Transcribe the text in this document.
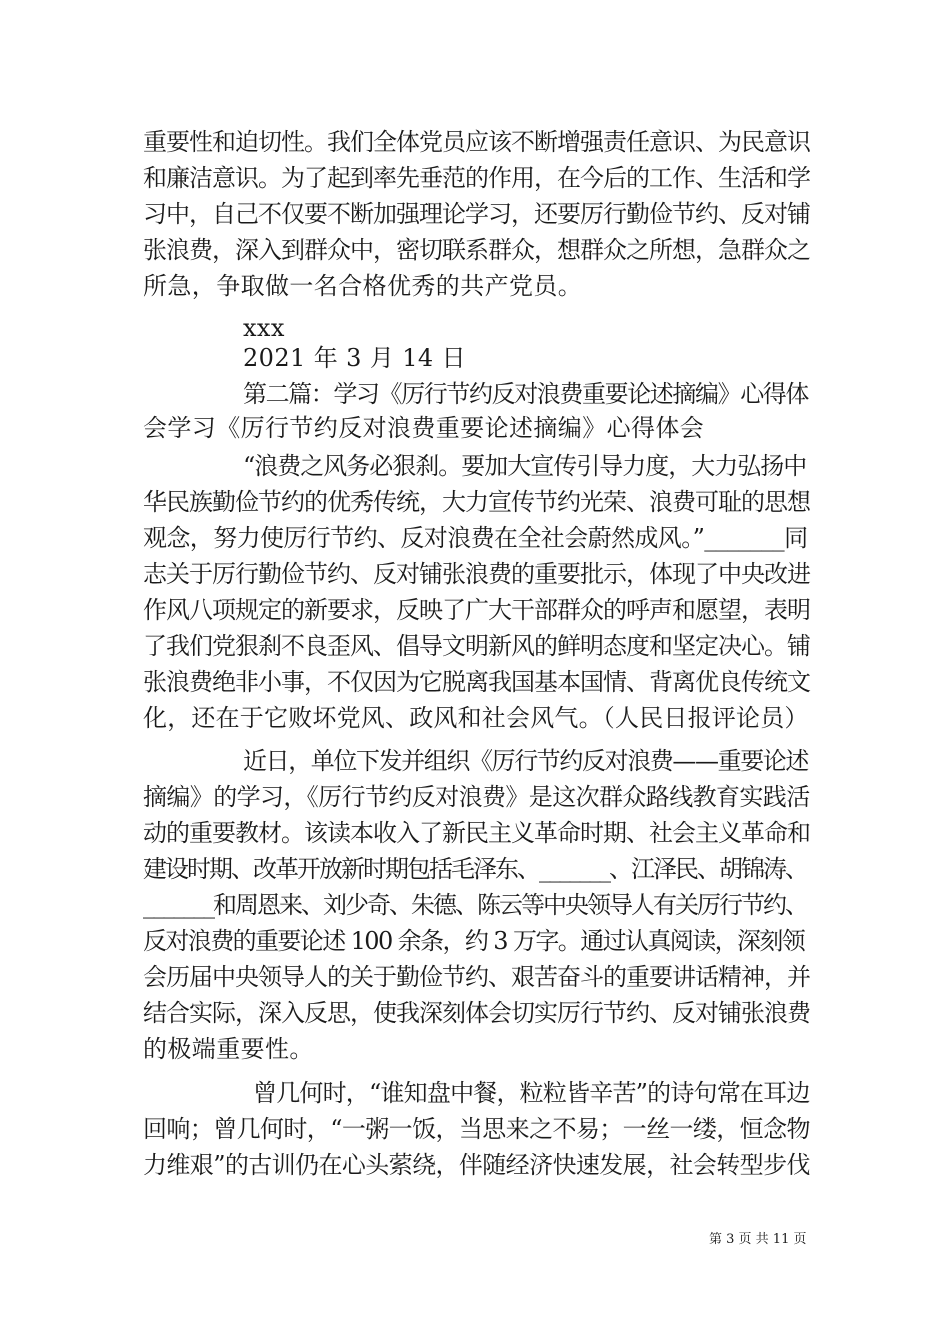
重要性和迫切性。我们全体党员应该不断增强责任意识、为民意识
和廉洁意识。为了起到率先垂范的作用，在今后的工作、生活和学
习中，自己不仅要不断加强理论学习，还要厉行勤俭节约、反对铺
张浪费，深入到群众中，密切联系群众，想群众之所想，急群众之
所急，争取做一名合格优秀的共产党员。
xxx
2021 年 3 月 14 日
第二篇：学习《厉行节约反对浪费重要论述摘编》心得体
会学习《厉行节约反对浪费重要论述摘编》心得体会
“浪费之风务必狠刹。要加大宣传引导力度，大力弘扬中
华民族勤俭节约的优秀传统，大力宣传节约光荣、浪费可耻的思想
观念，努力使厉行节约、反对浪费在全社会蔚然成风。”_______同
志关于厉行勤俭节约、反对铺张浪费的重要批示，体现了中央改进
作风八项规定的新要求，反映了广大干部群众的呼声和愿望，表明
了我们党狠刹不良歪风、倡导文明新风的鲜明态度和坚定决心。铺
张浪费绝非小事，不仅因为它脱离我国基本国情、背离优良传统文
化，还在于它败坏党风、政风和社会风气。（人民日报评论员）
近日，单位下发并组织《厉行节约反对浪费——重要论述
摘编》的学习，《厉行节约反对浪费》是这次群众路线教育实践活
动的重要教材。该读本收入了新民主义革命时期、社会主义革命和
建设时期、改革开放新时期包括毛泽东、_______、江泽民、胡锦涛、
_______和周恩来、刘少奇、朱德、陈云等中央领导人有关厉行节约、
反对浪费的重要论述 100 余条，约 3 万字。通过认真阅读，深刻领
会历届中央领导人的关于勤俭节约、艰苦奋斗的重要讲话精神，并
结合实际，深入反思，使我深刻体会切实厉行节约、反对铺张浪费
的极端重要性。
曾几何时，“谁知盘中餐，粒粒皆辛苦”的诗句常在耳边
回响；曾几何时，“一粥一饭，当思来之不易；一丝一缕，恒念物
力维艰”的古训仍在心头萦绕，伴随经济快速发展，社会转型步伐
第 3 页 共 11 页
